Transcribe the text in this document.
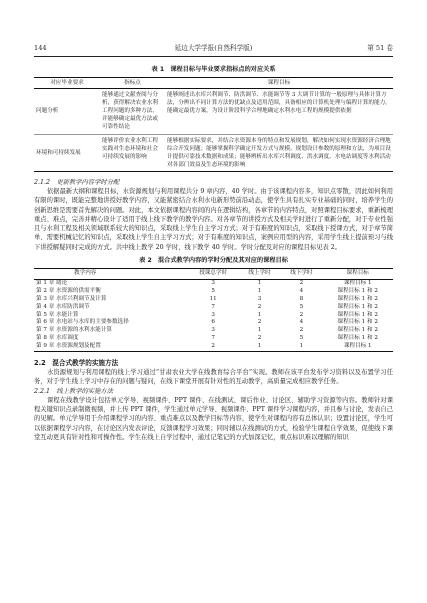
144	延边大学学报(自然科学版)	第 51 卷
表 1　课程目标与毕业要求指标点的对应关系
对应毕业要求	指标点	课程目标
问题分析	能够通过文献查阅与分析，获得解决农业水利工程问题的多种方法，并能够确定最优方法或可靠性结论	能够阐述出水库兴利调节、防洪调节、水能调节等 3 大调节计算的一般原理与具体计算方法，分辨出不同计算方法的优缺点及适用范围，具备相应的计算机处理与编程计算的能力，能确定最优方案，为设计阶段科学合理地确定水利水电工程的规模提供依据
环境和可持续发展	能够评价农业水利工程实践对生态环境和社会可持续发展的影响	能够根据实际要求，并结合水资源本身的特点和发展规划，解决如何实现水资源经济合理地综合开发问题；能够掌握科学确定开发方式与规模、规划设计参数的原理和方法，为项目设计提供可靠技术数据和成果；能够辨析出水库兴利调度、洪水调度、水电站调度等水利活动对各部门效益及生态环境的影响

2.1.2　更新教学内容学时分配

依据最新大纲和课程目标，水资源规划与利用课程共分 9 章内容，40 学时。由于该课程内容多，知识点零散，因此如何利用有限的课时，既能完整地讲授好教学内容，又能紧密结合水利水电新形势前沿动态，使学生具有扎实专业基础的同时，培养学生的创新思维是需要首先解决的问题。对此，本文依据课程内容间的内在逻辑结构，各章节的内容特点，对照课程目标要求，重新梳理重点、难点，完善并精心设计了适用于线上线下教学的教学内容。对各章节的讲授方式及相关学时进行了重新分配，对于专业性强且与水利工程及相关领域联系较大的知识点，采取线上学生自主学习方式；对于有难度的知识点，采取线下授课方式，对于章节简单、需要机械记忆的知识点，采取线上学生自主学习方式；对于有难度的知识点，案例应用型的内容，采用学生线上提前预习与线下讲授解疑同时完成的方式。共中线上教学 20 学时，线下教学 40 学时。学时分配及对应的课程目标见表 2。

表 2　混合式教学内容的学时分配及其对应的课程目标
教学内容	授课总学时	线上学时	线下学时	课程目标
第 1 章 绪论	3	1	2	课程目标 1
第 2 章 水资源的供需平衡	5	1	4	课程目标 1 和 2
第 3 章 水库兴利调节及计算	11	3	8	课程目标 1 和 2
第 4 章 水库防洪调节	7	2	5	课程目标 1 和 2
第 5 章 水能计算	3	1	2	课程目标 1 和 2
第 6 章 水电站与水库的主要参数选择	6	2	4	课程目标 1 和 2
第 7 章 水资源的水利水能计算	3	1	2	课程目标 1 和 2
第 8 章 水库调度	7	2	5	课程目标 1 和 2
第 9 章 水资源规划及配置	2	1	1	课程目标 1

2.2　混合式教学的实施方法

水资源规划与利用课程的线上学习通过“甘肃农业大学在线教育综合平台”实现。教师在该平台发布学习资料以及布置学习任务，对于学生线上学习中存在的问题与疑问，在线下课堂开展有针对性的互动教学，高质量完成相应教学任务。

2.2.1　线上教学的实施方法

课程在线教学设计包括单元学导、视频课件、PPT 课件、在线测试、课后作业、讨论区、辅助学习资源等内容。教师针对课程关键知识点录制微视频，并上传 PPT 课件，学生通过单元学导、视频课件、PPT 课件学习课程内容，并且参与讨论，发表自己的见解。单元学导用于介绍课程学习的内容、重点难点以及教学目标等内容，使学生对课程内容有总体认识；设置讨论区，学生可以依据课程学习内容，在讨论区内发表评论，反馈课程学习效果；同时辅以在线测试的方式，检验学生课程自学效果，促使线下课堂互动更具有针对性和可操作性。学生在线上自学过程中，通过记笔记的方式加深记忆，重点标识难以理解的知识
